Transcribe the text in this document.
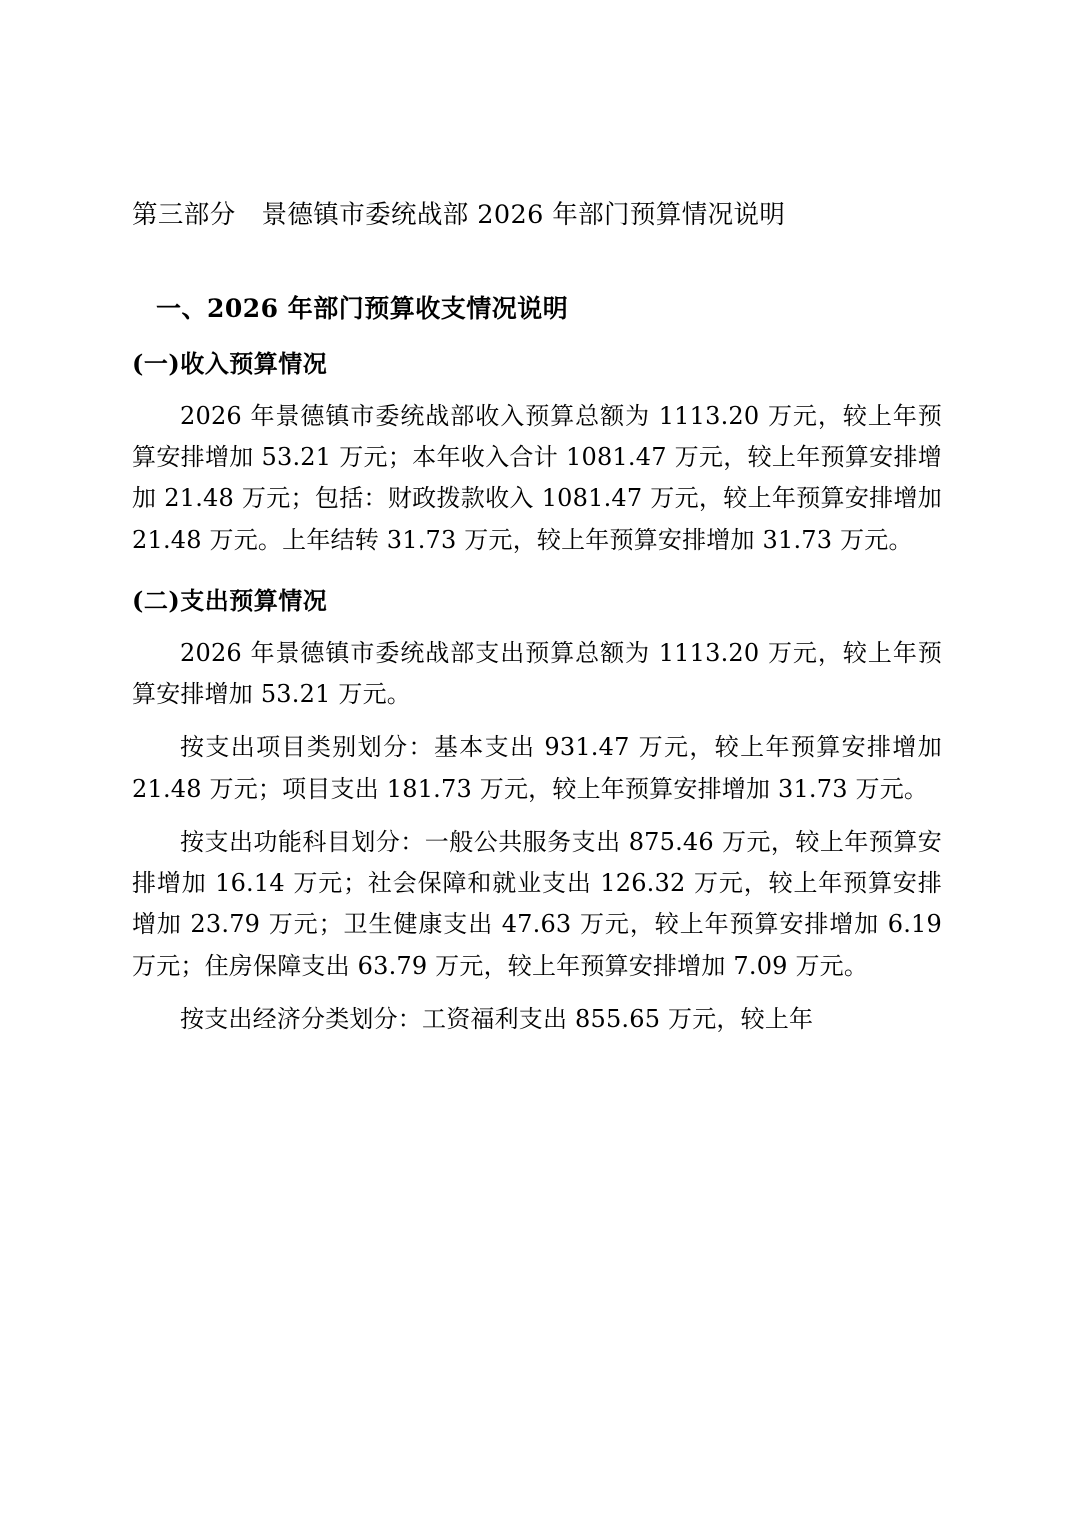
第三部分　景德镇市委统战部 2026 年部门预算情况说明
一、2026 年部门预算收支情况说明
(一)收入预算情况
2026 年景德镇市委统战部收入预算总额为 1113.20 万元，较上年预算安排增加 53.21 万元；本年收入合计 1081.47 万元，较上年预算安排增加 21.48 万元；包括：财政拨款收入 1081.47 万元，较上年预算安排增加 21.48 万元。上年结转 31.73 万元，较上年预算安排增加 31.73 万元。
(二)支出预算情况
2026 年景德镇市委统战部支出预算总额为 1113.20 万元，较上年预算安排增加 53.21 万元。
按支出项目类别划分：基本支出 931.47 万元，较上年预算安排增加 21.48 万元；项目支出 181.73 万元，较上年预算安排增加 31.73 万元。
按支出功能科目划分：一般公共服务支出 875.46 万元，较上年预算安排增加 16.14 万元；社会保障和就业支出 126.32 万元，较上年预算安排增加 23.79 万元；卫生健康支出 47.63 万元，较上年预算安排增加 6.19 万元；住房保障支出 63.79 万元，较上年预算安排增加 7.09 万元。
按支出经济分类划分：工资福利支出 855.65 万元，较上年
